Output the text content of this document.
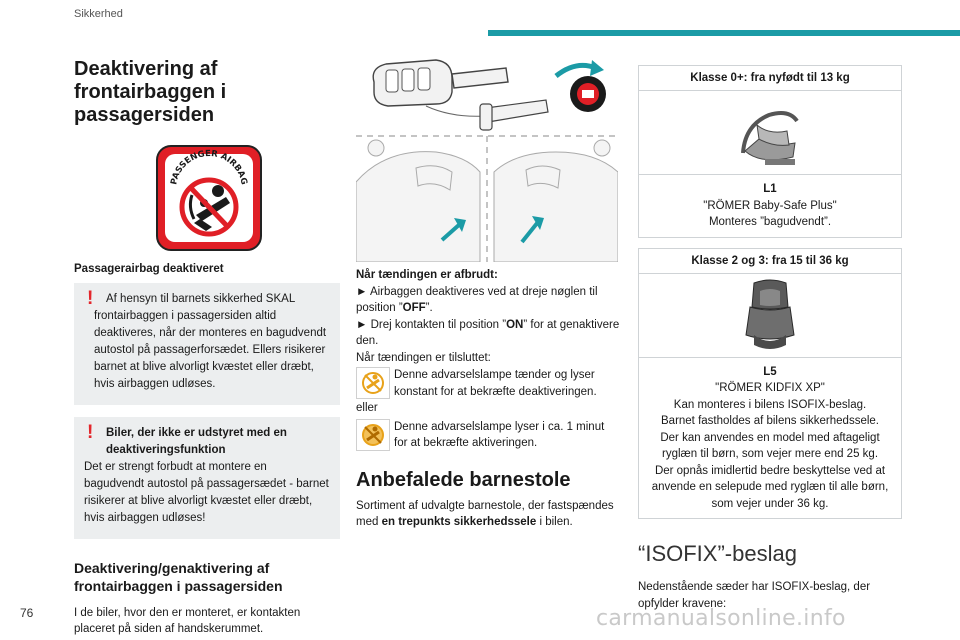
Sikkerhed
Deaktivering af frontairbaggen i passagersiden
PASSENGER AIRBAG
Passagerairbag deaktiveret
!	Af hensyn til barnets sikkerhed SKAL
frontairbaggen i passagersiden altid deaktiveres, når der monteres en bagudvendt autostol på passagerforsædet. Ellers risikerer barnet at blive alvorligt kvæstet eller dræbt, hvis airbaggen udløses.
!	Biler, der ikke er udstyret med en deaktiveringsfunktion
Det er strengt forbudt at montere en bagudvendt autostol på passagersædet - barnet risikerer at blive alvorligt kvæstet eller dræbt, hvis airbaggen udløses!
Deaktivering/genaktivering af frontairbaggen i passagersiden

I de biler, hvor den er monteret, er kontakten placeret på siden af handskerummet.

Når tændingen er afbrudt:
► Airbaggen deaktiveres ved at dreje nøglen til position ”OFF”.
► Drej kontakten til position ”ON” for at genaktivere den.
Når tændingen er tilsluttet:
Denne advarselslampe tænder og lyser konstant for at bekræfte deaktiveringen.
eller
Denne advarselslampe lyser i ca. 1 minut for at bekræfte aktiveringen.
Anbefalede barnestole

Sortiment af udvalgte barnestole, der fastspændes med en trepunkts sikkerhedssele i bilen.

Klasse 0+: fra nyfødt til 13 kg
L1
"RÖMER Baby-Safe Plus"
Monteres ”bagudvendt”.
Klasse 2 og 3: fra 15 til 36 kg
L5
"RÖMER KIDFIX XP"
Kan monteres i bilens ISOFIX-beslag.
Barnet fastholdes af bilens sikkerhedssele.
Der kan anvendes en model med aftageligt ryglæn til børn, som vejer mere end 25 kg.
Der opnås imidlertid bedre beskyttelse ved at anvende en selepude med ryglæn til alle børn, som vejer under 36 kg.
“ISOFIX”-beslag

Nedenstående sæder har ISOFIX-beslag, der opfylder kravene:

76	carmanualsonline.info
